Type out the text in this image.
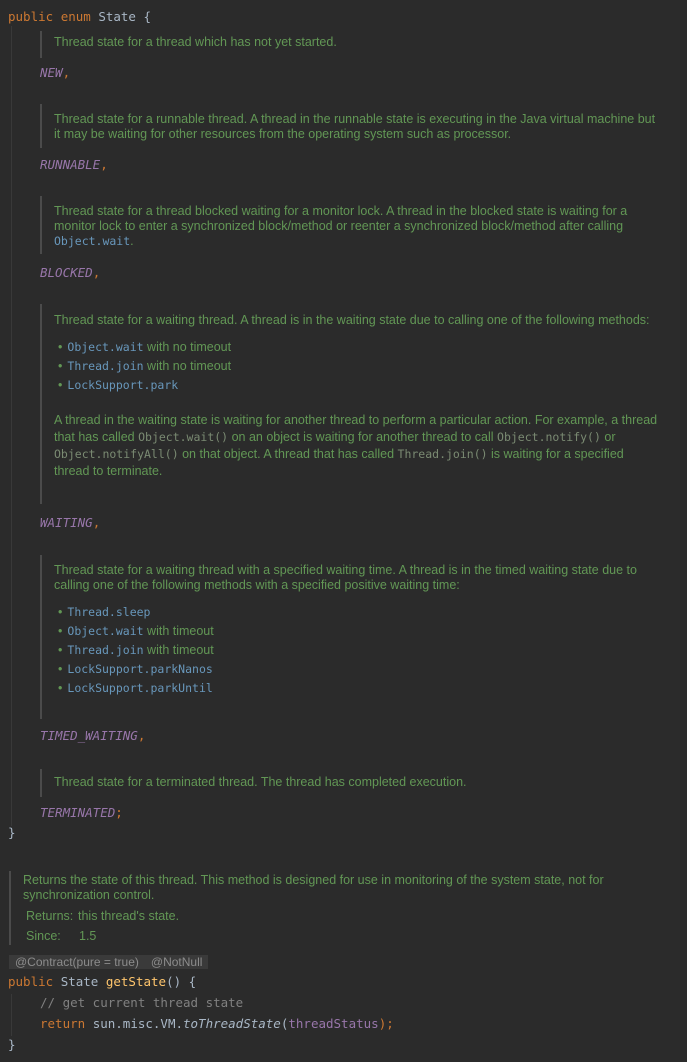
public enum State {

Thread state for a thread which has not yet started.

NEW,

Thread state for a runnable thread. A thread in the runnable state is executing in the Java virtual machine but it may be waiting for other resources from the operating system such as processor.

RUNNABLE,

Thread state for a thread blocked waiting for a monitor lock. A thread in the blocked state is waiting for a monitor lock to enter a synchronized block/method or reenter a synchronized block/method after calling Object.wait.

BLOCKED,

Thread state for a waiting thread. A thread is in the waiting state due to calling one of the following methods:

• Object.wait with no timeout
• Thread.join with no timeout
• LockSupport.park

A thread in the waiting state is waiting for another thread to perform a particular action. For example, a thread that has called Object.wait() on an object is waiting for another thread to call Object.notify() or Object.notifyAll() on that object. A thread that has called Thread.join() is waiting for a specified thread to terminate.

WAITING,

Thread state for a waiting thread with a specified waiting time. A thread is in the timed waiting state due to calling one of the following methods with a specified positive waiting time:

• Thread.sleep
• Object.wait with timeout
• Thread.join with timeout
• LockSupport.parkNanos
• LockSupport.parkUntil
TIMED_WAITING,

Thread state for a terminated thread. The thread has completed execution.

TERMINATED;
}

Returns the state of this thread. This method is designed for use in monitoring of the system state, not for synchronization control.

Returns: this thread's state.
Since:	1.5
@Contract(pure = true) @NotNull
public State getState() {
// get current thread state
return sun.misc.VM.toThreadState(threadStatus);
}
